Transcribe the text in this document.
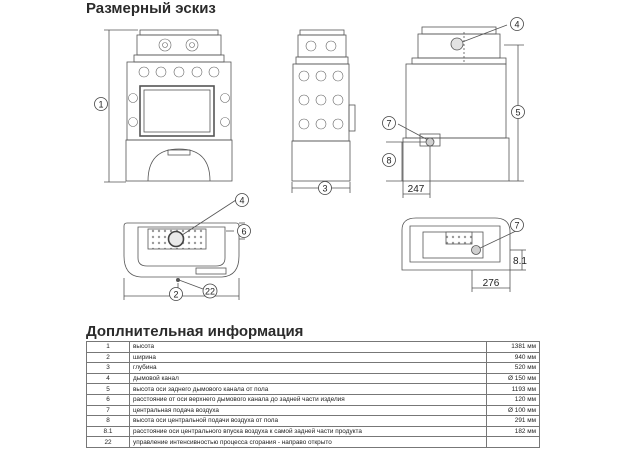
Размерный эскиз
1
3
4
5
7
8
4
6
2	22
7
247
276
8.1
Доплнительная информация
1	высота	1381 мм
2	ширина	940 мм
3	глубина	520 мм
4	дымовой канал	Ø 150 мм
5	высота оси заднего дымового канала от пола	1193 мм
6	расстояние от оси верхнего дымового канала до задней части изделия	120 мм
7	центральная подача воздуха	Ø 100 мм
8	высота оси центральной подачи воздуха от пола	291 мм
8.1	расстояние оси центрального впуска воздуха к самой задней части продукта	182 мм
22	управление интенсивностью процесса сгорания - направо открыто	
